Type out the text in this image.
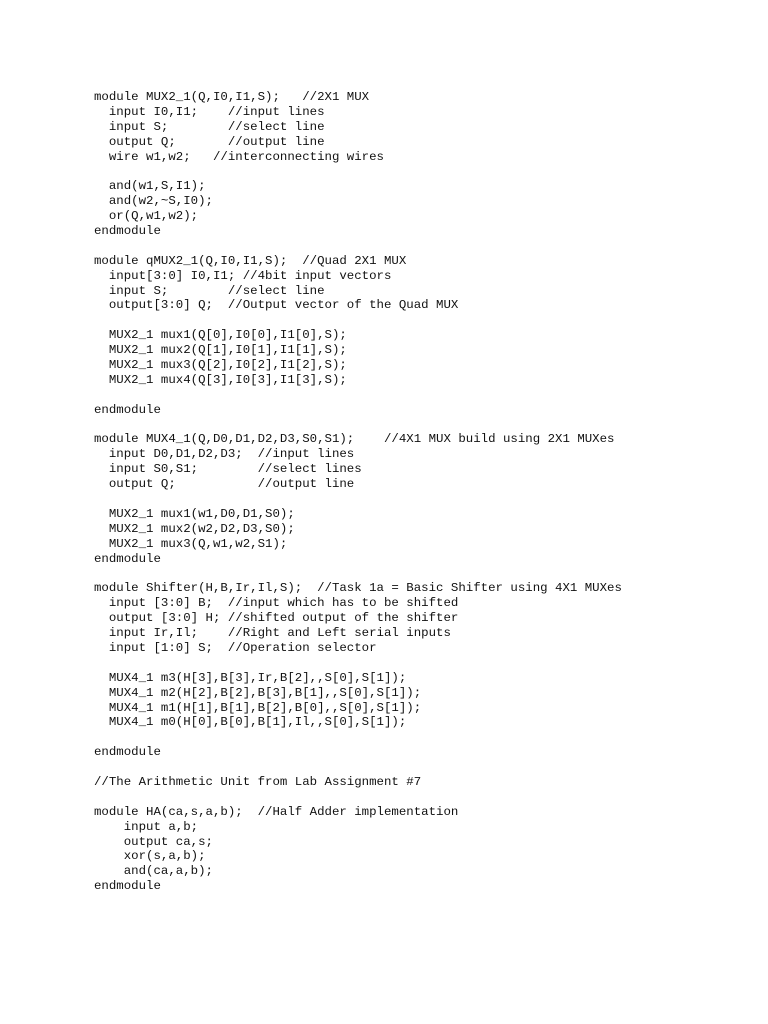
module MUX2_1(Q,I0,I1,S);   //2X1 MUX
input I0,I1;    //input lines
input S;        //select line
output Q;       //output line
wire w1,w2;   //interconnecting wires
and(w1,S,I1);
and(w2,~S,I0);
or(Q,w1,w2);
endmodule
module qMUX2_1(Q,I0,I1,S);  //Quad 2X1 MUX
input[3:0] I0,I1; //4bit input vectors
input S;        //select line
output[3:0] Q;  //Output vector of the Quad MUX
MUX2_1 mux1(Q[0],I0[0],I1[0],S);
MUX2_1 mux2(Q[1],I0[1],I1[1],S);
MUX2_1 mux3(Q[2],I0[2],I1[2],S);
MUX2_1 mux4(Q[3],I0[3],I1[3],S);
endmodule
module MUX4_1(Q,D0,D1,D2,D3,S0,S1);    //4X1 MUX build using 2X1 MUXes
input D0,D1,D2,D3;  //input lines
input S0,S1;        //select lines
output Q;           //output line
MUX2_1 mux1(w1,D0,D1,S0);
MUX2_1 mux2(w2,D2,D3,S0);
MUX2_1 mux3(Q,w1,w2,S1);
endmodule
module Shifter(H,B,Ir,Il,S);  //Task 1a = Basic Shifter using 4X1 MUXes
input [3:0] B;  //input which has to be shifted
output [3:0] H; //shifted output of the shifter
input Ir,Il;    //Right and Left serial inputs
input [1:0] S;  //Operation selector
MUX4_1 m3(H[3],B[3],Ir,B[2],,S[0],S[1]);
MUX4_1 m2(H[2],B[2],B[3],B[1],,S[0],S[1]);
MUX4_1 m1(H[1],B[1],B[2],B[0],,S[0],S[1]);
MUX4_1 m0(H[0],B[0],B[1],Il,,S[0],S[1]);
endmodule
//The Arithmetic Unit from Lab Assignment #7
module HA(ca,s,a,b);  //Half Adder implementation
input a,b;
output ca,s;
xor(s,a,b);
and(ca,a,b);
endmodule
